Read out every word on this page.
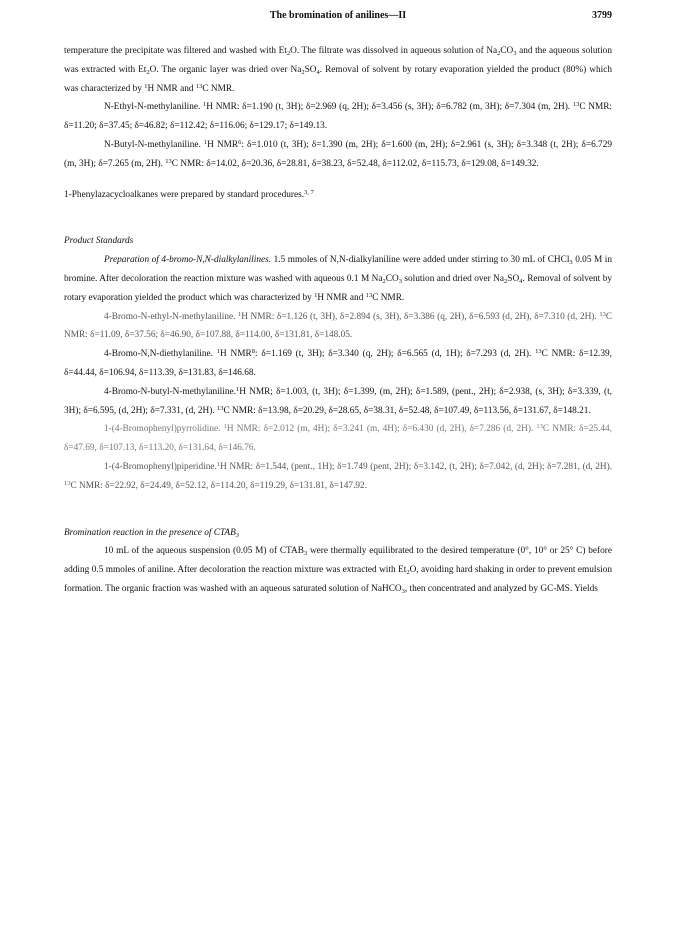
The bromination of anilines—II	3799

temperature the precipitate was filtered and washed with $Et_2O$. The filtrate was dissolved in aqueous solution of $Na_2CO_3$ and the aqueous solution was extracted with $Et_2O$. The organic layer was dried over $Na_2SO_4$. Removal of solvent by rotary evaporation yielded the product (80%) which was characterized by $^1$H NMR and $^{13}$C NMR.

N-Ethyl-N-methylaniline. $^1$H NMR: δ=1.190 (t, 3H); δ=2.969 (q, 2H); δ=3.456 (s, 3H); δ=6.782 (m, 3H); δ=7.304 (m, 2H). $^{13}$C NMR: δ=11.20; δ=37.45; δ=46.82; δ=112.42; δ=116.06; δ=129.17; δ=149.13.

N-Butyl-N-methylaniline. $^1$H NMR$^6$: δ=1.010 (t, 3H); δ=1.390 (m, 2H); δ=1.600 (m, 2H); δ=2.961 (s, 3H); δ=3.348 (t, 2H); δ=6.729 (m, 3H); δ=7.265 (m, 2H). $^{13}$C NMR: δ=14.02, δ=20.36, δ=28.81, δ=38.23, δ=52.48, δ=112.02, δ=115.73, δ=129.08, δ=149.32.

1-Phenylazacycloalkanes were prepared by standard procedures.$^{3, 7}$

Product Standards

Preparation of 4-bromo-N,N-dialkylanilines. 1.5 mmoles of N,N-dialkylaniline were added under stirring to 30 mL of CHCl$_3$ 0.05 M in bromine. After decoloration the reaction mixture was washed with aqueous 0.1 M $Na_2CO_3$ solution and dried over $Na_2SO_4$. Removal of solvent by rotary evaporation yielded the product which was characterized by $^1$H NMR and $^{13}$C NMR.

4-Bromo-N-ethyl-N-methylaniline. $^1$H NMR: δ=1.126 (t, 3H), δ=2.894 (s, 3H), δ=3.386 (q, 2H), δ=6.593 (d, 2H), δ=7.310 (d, 2H). $^{13}$C NMR: δ=11.09, δ=37.56; δ=46.90, δ=107.88, δ=114.00, δ=131.81, δ=148.05.

4-Bromo-N,N-diethylaniline. $^1$H NMR$^8$: δ=1.169 (t, 3H); δ=3.340 (q, 2H); δ=6.565 (d, 1H); δ=7.293 (d, 2H). $^{13}$C NMR: δ=12.39, δ=44.44, δ=106.94, δ=113.39, δ=131.83, δ=146.68.

4-Bromo-N-butyl-N-methylaniline.$^1$H NMR; δ=1.003, (t, 3H); δ=1.399, (m, 2H); δ=1.589, (pent., 2H); δ=2.938, (s, 3H); δ=3.339, (t, 3H); δ=6.595, (d, 2H); δ=7.331, (d, 2H). $^{13}$C NMR: δ=13.98, δ=20.29, δ=28.65, δ=38.31, δ=52.48, δ=107.49, δ=113.56, δ=131.67, δ=148.21.

1-(4-Bromophenyl)pyrrolidine. $^1$H NMR: δ=2.012 (m, 4H); δ=3.241 (m, 4H); δ=6.430 (d, 2H), δ=7.286 (d, 2H). $^{13}$C NMR: δ=25.44, δ=47.69, δ=107.13, δ=113.20, δ=131.64, δ=146.76.

1-(4-Bromophenyl)piperidine.$^1$H NMR: δ=1.544, (pent., 1H); δ=1.749 (pent, 2H); δ=3.142, (t, 2H); δ=7.042, (d, 2H); δ=7.281, (d, 2H). $^{13}$C NMR: δ=22.92, δ=24.49, δ=52.12, δ=114.20, δ=119.29, δ=131.81, δ=147.92.

Bromination reaction in the presence of $CTAB_3$

10 mL of the aqueous suspension (0.05 M) of $CTAB_3$ were thermally equilibrated to the desired temperature (0°, 10° or 25° C) before adding 0.5 mmoles of aniline. After decoloration the reaction mixture was extracted with $Et_2O$, avoiding hard shaking in order to prevent emulsion formation. The organic fraction was washed with an aqueous saturated solution of NaHCO$_3$, then concentrated and analyzed by GC-MS. Yields
